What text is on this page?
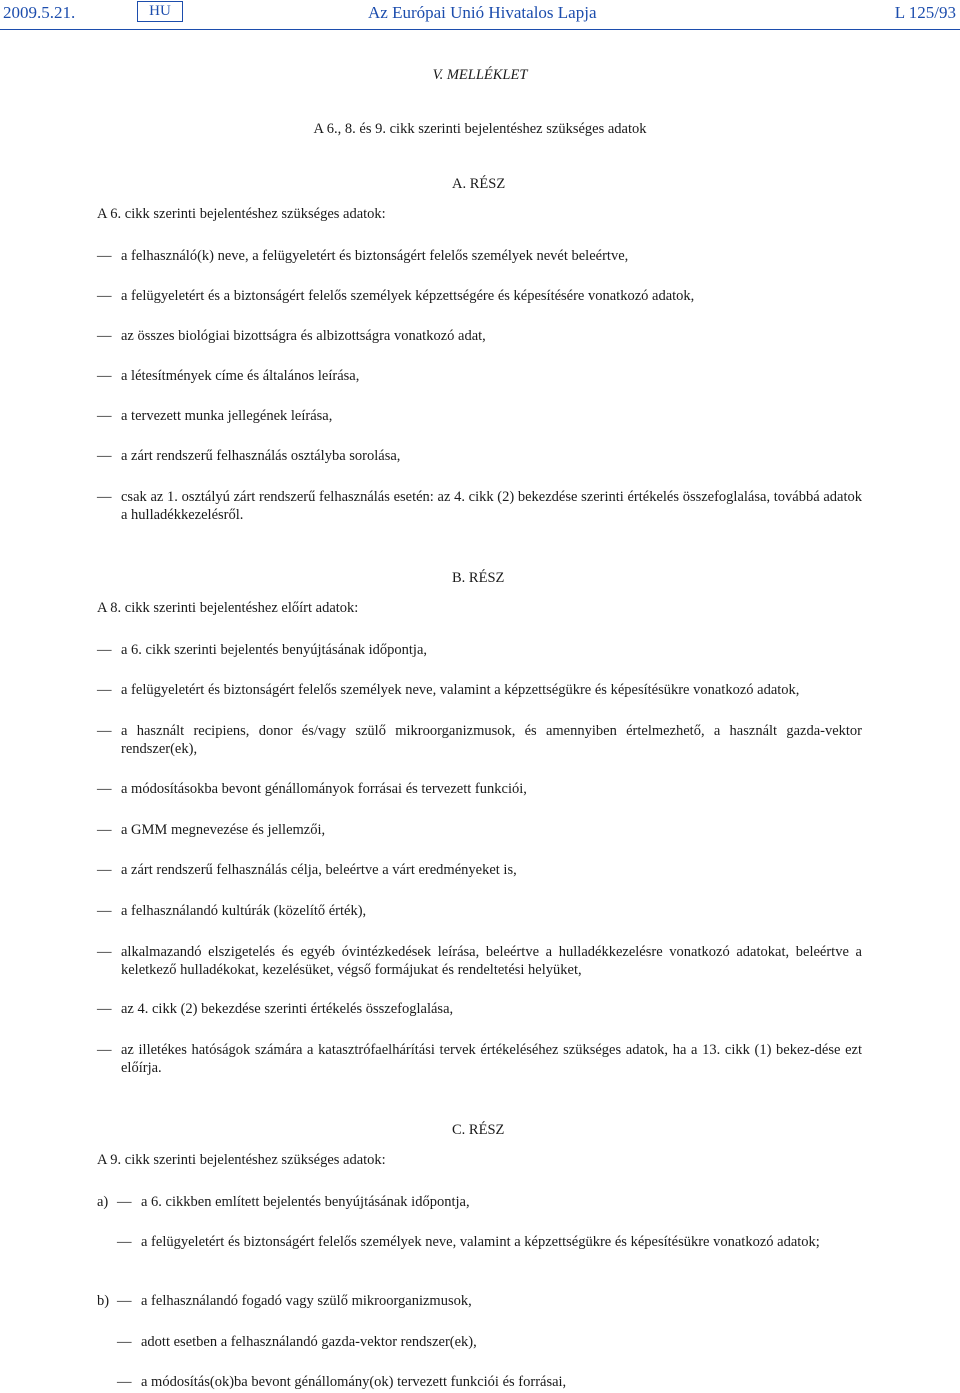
2009.5.21.	HU	Az Európai Unió Hivatalos Lapja	L 125/93
V. MELLÉKLET
A 6., 8. és 9. cikk szerinti bejelentéshez szükséges adatok
A. RÉSZ
A 6. cikk szerinti bejelentéshez szükséges adatok:
— a felhasználó(k) neve, a felügyeletért és biztonságért felelős személyek nevét beleértve,
— a felügyeletért és a biztonságért felelős személyek képzettségére és képesítésére vonatkozó adatok,
— az összes biológiai bizottságra és albizottságra vonatkozó adat,
— a létesítmények címe és általános leírása,
— a tervezett munka jellegének leírása,
— a zárt rendszerű felhasználás osztályba sorolása,
— csak az 1. osztályú zárt rendszerű felhasználás esetén: az 4. cikk (2) bekezdése szerinti értékelés összefoglalása, továbbá adatok a hulladékkezelésről.
B. RÉSZ
A 8. cikk szerinti bejelentéshez előírt adatok:
— a 6. cikk szerinti bejelentés benyújtásának időpontja,
— a felügyeletért és biztonságért felelős személyek neve, valamint a képzettségükre és képesítésükre vonatkozó adatok,
— a használt recipiens, donor és/vagy szülő mikroorganizmusok, és amennyiben értelmezhető, a használt gazda-vektor rendszer(ek),
— a módosításokba bevont génállományok forrásai és tervezett funkciói,
— a GMM megnevezése és jellemzői,
— a zárt rendszerű felhasználás célja, beleértve a várt eredményeket is,
— a felhasználandó kultúrák (közelítő érték),
— alkalmazandó elszigetelés és egyéb óvintézkedések leírása, beleértve a hulladékkezelésre vonatkozó adatokat, beleértve a keletkező hulladékokat, kezelésüket, végső formájukat és rendeltetési helyüket,
— az 4. cikk (2) bekezdése szerinti értékelés összefoglalása,
— az illetékes hatóságok számára a katasztrófaelhárítási tervek értékeléséhez szükséges adatok, ha a 13. cikk (1) bekez-dése ezt előírja.
C. RÉSZ
A 9. cikk szerinti bejelentéshez szükséges adatok:
a) — a 6. cikkben említett bejelentés benyújtásának időpontja,
— a felügyeletért és biztonságért felelős személyek neve, valamint a képzettségükre és képesítésükre vonatkozó adatok;
b) — a felhasználandó fogadó vagy szülő mikroorganizmusok,
— adott esetben a felhasználandó gazda-vektor rendszer(ek),
— a módosítás(ok)ba bevont génállomány(ok) tervezett funkciói és forrásai,
